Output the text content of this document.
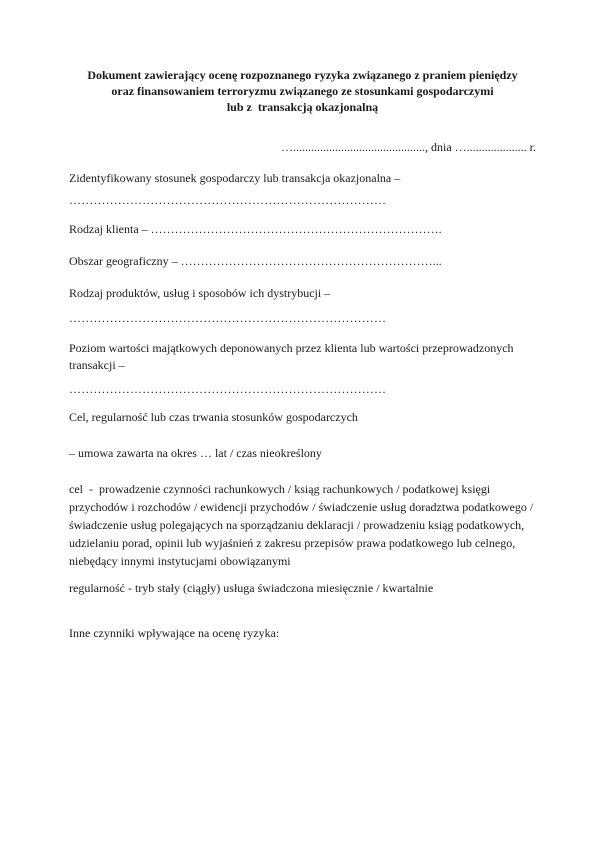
Dokument zawierający ocenę rozpoznanego ryzyka związanego z praniem pieniędzy

oraz finansowaniem terroryzmu związanego ze stosunkami gospodarczymi

lub z  transakcją okazjonalną

…............................................, dnia ….................... r.

Zidentyfikowany stosunek gospodarczy lub transakcja okazjonalna –

……………………………………………………………………

Rodzaj klienta – ……………………………………………………………….

Obszar geograficzny – ………………………………………………………...

Rodzaj produktów, usług i sposobów ich dystrybucji –

……………………………………………………………………

Poziom wartości majątkowych deponowanych przez klienta lub wartości przeprowadzonych transakcji –

……………………………………………………………………

Cel, regularność lub czas trwania stosunków gospodarczych

– umowa zawarta na okres … lat / czas nieokreślony

cel  -  prowadzenie czynności rachunkowych / ksiąg rachunkowych / podatkowej księgi przychodów i rozchodów / ewidencji przychodów / świadczenie usług doradztwa podatkowego / świadczenie usług polegających na sporządzaniu deklaracji / prowadzeniu ksiąg podatkowych, udzielaniu porad, opinii lub wyjaśnień z zakresu przepisów prawa podatkowego lub celnego, niebędący innymi instytucjami obowiązanymi

regularność - tryb stały (ciągły) usługa świadczona miesięcznie / kwartalnie

Inne czynniki wpływające na ocenę ryzyka:
